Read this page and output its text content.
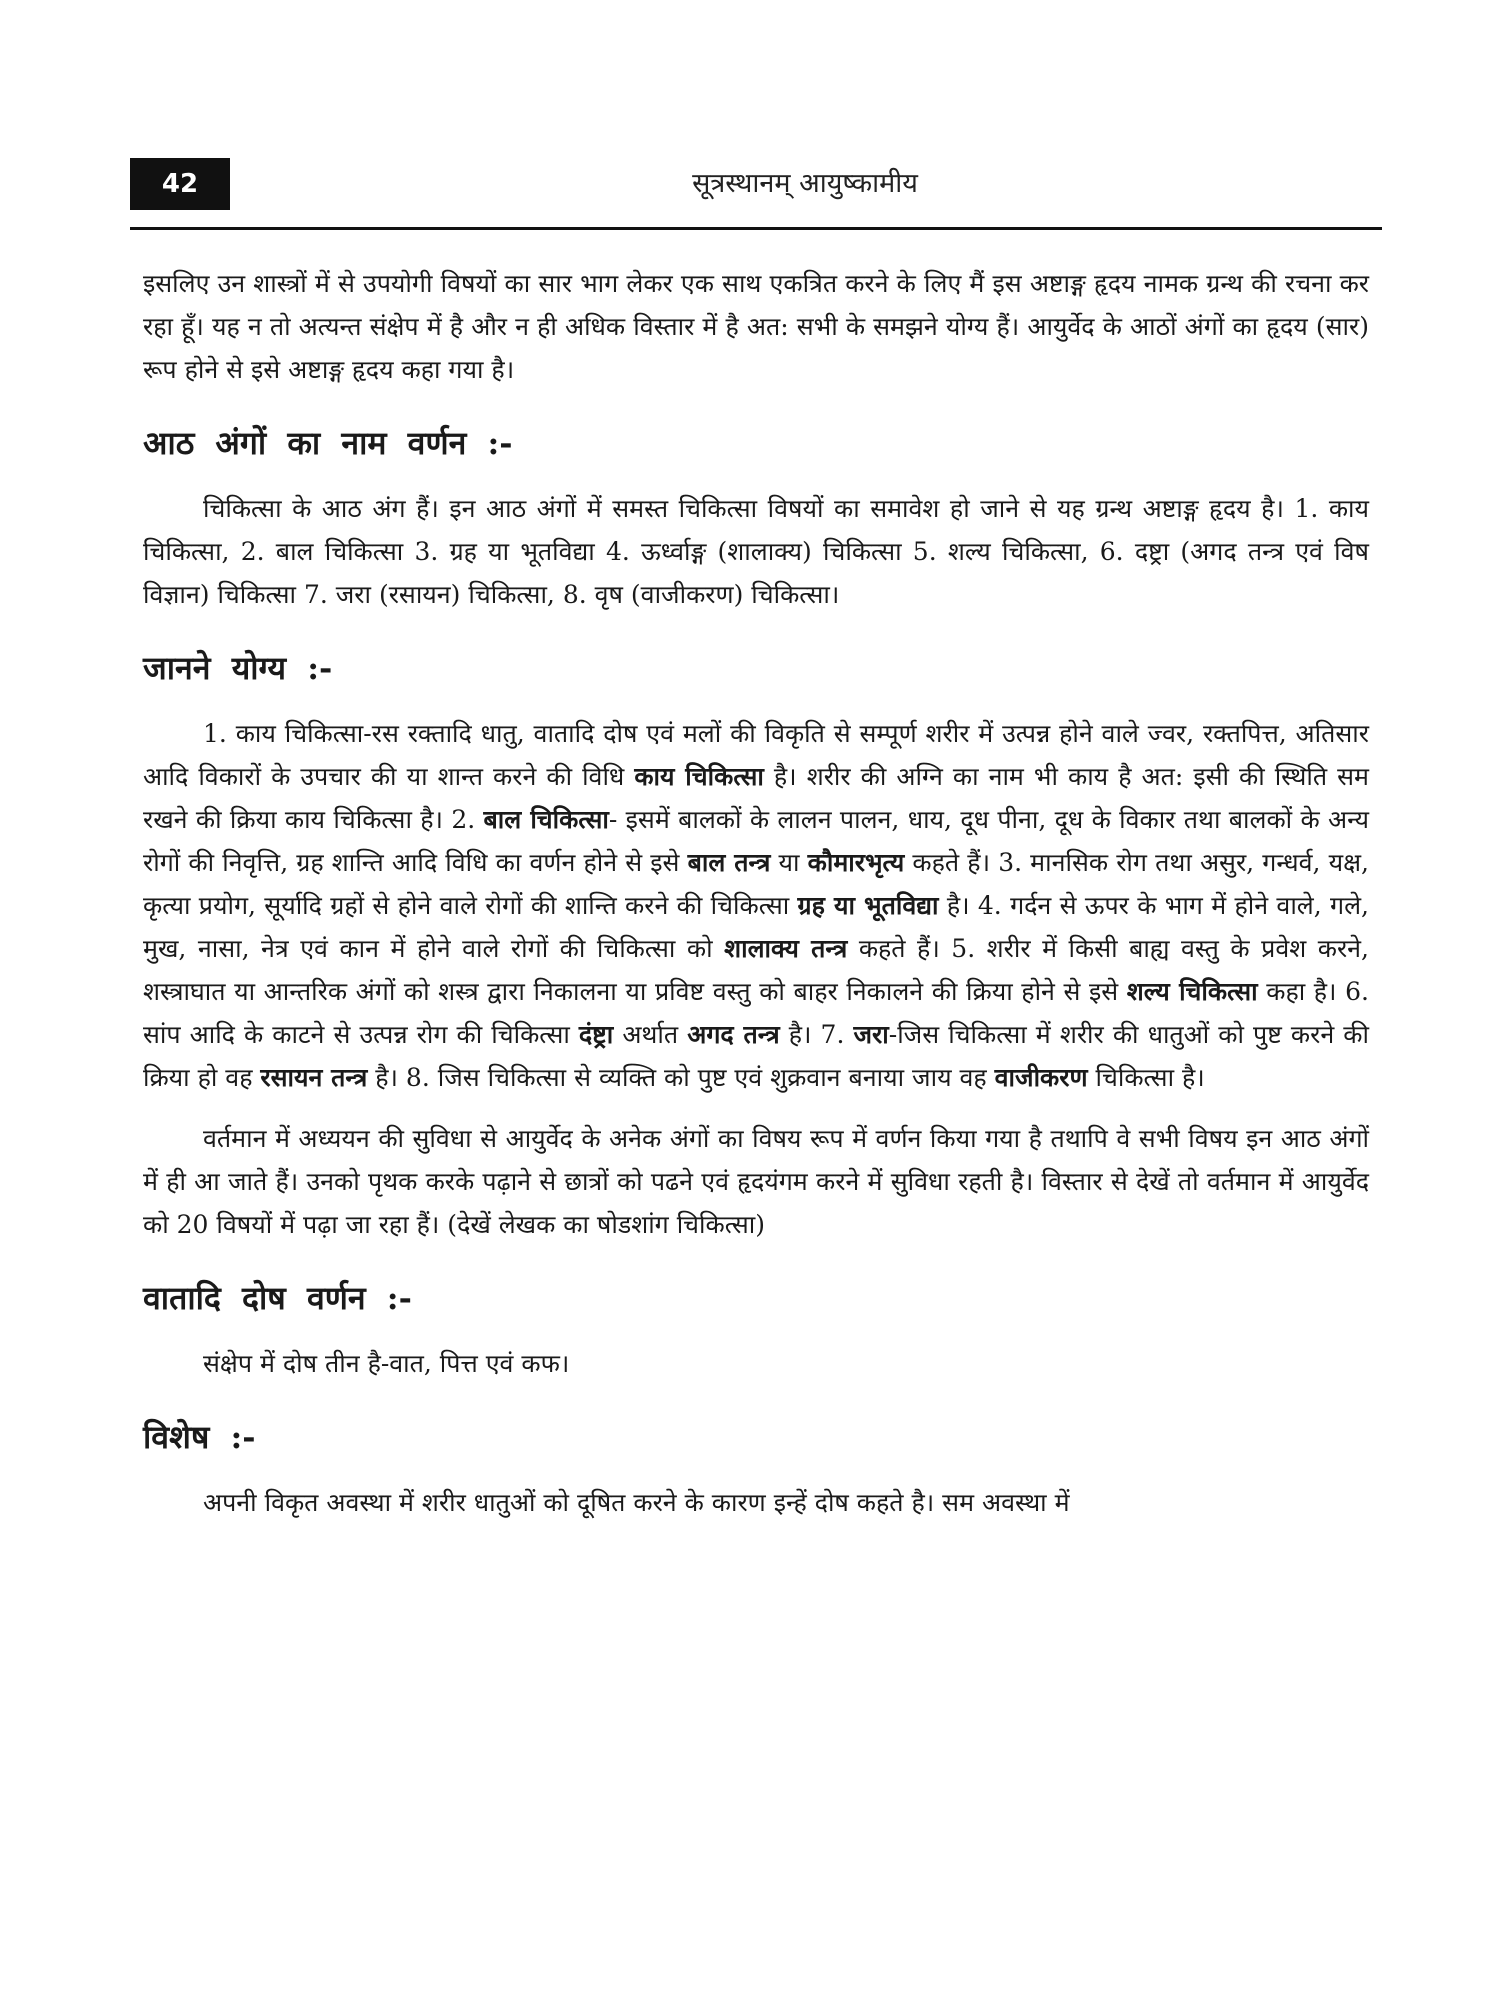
42	सूत्रस्थानम् आयुष्कामीय

इसलिए उन शास्त्रों में से उपयोगी विषयों का सार भाग लेकर एक साथ एकत्रित करने के लिए मैं इस अष्टाङ्ग हृदय नामक ग्रन्थ की रचना कर रहा हूँ। यह न तो अत्यन्त संक्षेप में है और न ही अधिक विस्तार में है अत: सभी के समझने योग्य हैं। आयुर्वेद के आठों अंगों का हृदय (सार) रूप होने से इसे अष्टाङ्ग हृदय कहा गया है।

आठ अंगों का नाम वर्णन :-

चिकित्सा के आठ अंग हैं। इन आठ अंगों में समस्त चिकित्सा विषयों का समावेश हो जाने से यह ग्रन्थ अष्टाङ्ग हृदय है। 1. काय चिकित्सा, 2. बाल चिकित्सा 3. ग्रह या भूतविद्या 4. ऊर्ध्वाङ्ग (शालाक्य) चिकित्सा 5. शल्य चिकित्सा, 6. दष्ट्रा (अगद तन्त्र एवं विष विज्ञान) चिकित्सा 7. जरा (रसायन) चिकित्सा, 8. वृष (वाजीकरण) चिकित्सा।

जानने योग्य :-

1. काय चिकित्सा-रस रक्तादि धातु, वातादि दोष एवं मलों की विकृति से सम्पूर्ण शरीर में उत्पन्न होने वाले ज्वर, रक्तपित्त, अतिसार आदि विकारों के उपचार की या शान्त करने की विधि काय चिकित्सा है। शरीर की अग्नि का नाम भी काय है अत: इसी की स्थिति सम रखने की क्रिया काय चिकित्सा है। 2. बाल चिकित्सा- इसमें बालकों के लालन पालन, धाय, दूध पीना, दूध के विकार तथा बालकों के अन्य रोगों की निवृत्ति, ग्रह शान्ति आदि विधि का वर्णन होने से इसे बाल तन्त्र या कौमारभृत्य कहते हैं। 3. मानसिक रोग तथा असुर, गन्धर्व, यक्ष, कृत्या प्रयोग, सूर्यादि ग्रहों से होने वाले रोगों की शान्ति करने की चिकित्सा ग्रह या भूतविद्या है। 4. गर्दन से ऊपर के भाग में होने वाले, गले, मुख, नासा, नेत्र एवं कान में होने वाले रोगों की चिकित्सा को शालाक्य तन्त्र कहते हैं। 5. शरीर में किसी बाह्य वस्तु के प्रवेश करने, शस्त्राघात या आन्तरिक अंगों को शस्त्र द्वारा निकालना या प्रविष्ट वस्तु को बाहर निकालने की क्रिया होने से इसे शल्य चिकित्सा कहा है। 6. सांप आदि के काटने से उत्पन्न रोग की चिकित्सा दंष्ट्रा अर्थात अगद तन्त्र है। 7. जरा-जिस चिकित्सा में शरीर की धातुओं को पुष्ट करने की क्रिया हो वह रसायन तन्त्र है। 8. जिस चिकित्सा से व्यक्ति को पुष्ट एवं शुक्रवान बनाया जाय वह वाजीकरण चिकित्सा है।

वर्तमान में अध्ययन की सुविधा से आयुर्वेद के अनेक अंगों का विषय रूप में वर्णन किया गया है तथापि वे सभी विषय इन आठ अंगों में ही आ जाते हैं। उनको पृथक करके पढ़ाने से छात्रों को पढने एवं हृदयंगम करने में सुविधा रहती है। विस्तार से देखें तो वर्तमान में आयुर्वेद को 20 विषयों में पढ़ा जा रहा हैं। (देखें लेखक का षोडशांग चिकित्सा)

वातादि दोष वर्णन :-

संक्षेप में दोष तीन है-वात, पित्त एवं कफ।

विशेष :-

अपनी विकृत अवस्था में शरीर धातुओं को दूषित करने के कारण इन्हें दोष कहते है। सम अवस्था में
